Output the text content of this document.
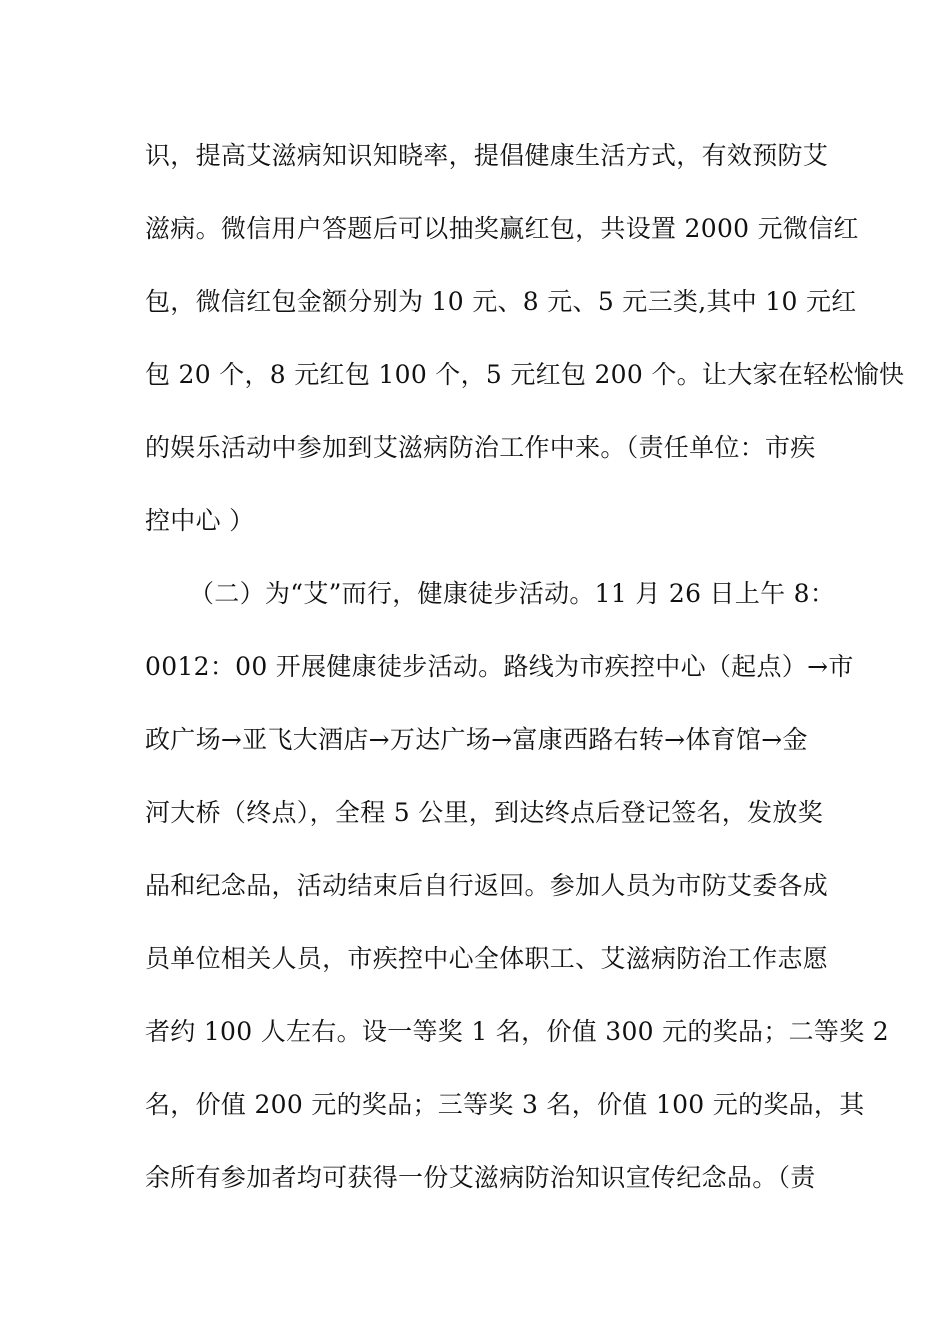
识，提高艾滋病知识知晓率，提倡健康生活方式，有效预防艾
滋病。微信用户答题后可以抽奖赢红包，共设置 2000 元微信红
包，微信红包金额分别为 10 元、8 元、5 元三类,其中 10 元红
包 20 个，8 元红包 100 个，5 元红包 200 个。让大家在轻松愉快
的娱乐活动中参加到艾滋病防治工作中来。（责任单位：市疾
控中心 ）
（二）为“艾”而行，健康徒步活动。11 月 26 日上午 8：
0012：00 开展健康徒步活动。路线为市疾控中心（起点）→市
政广场→亚飞大酒店→万达广场→富康西路右转→体育馆→金
河大桥（终点），全程 5 公里，到达终点后登记签名，发放奖
品和纪念品，活动结束后自行返回。参加人员为市防艾委各成
员单位相关人员，市疾控中心全体职工、艾滋病防治工作志愿
者约 100 人左右。设一等奖 1 名，价值 300 元的奖品；二等奖 2
名，价值 200 元的奖品；三等奖 3 名，价值 100 元的奖品，其
余所有参加者均可获得一份艾滋病防治知识宣传纪念品。（责
